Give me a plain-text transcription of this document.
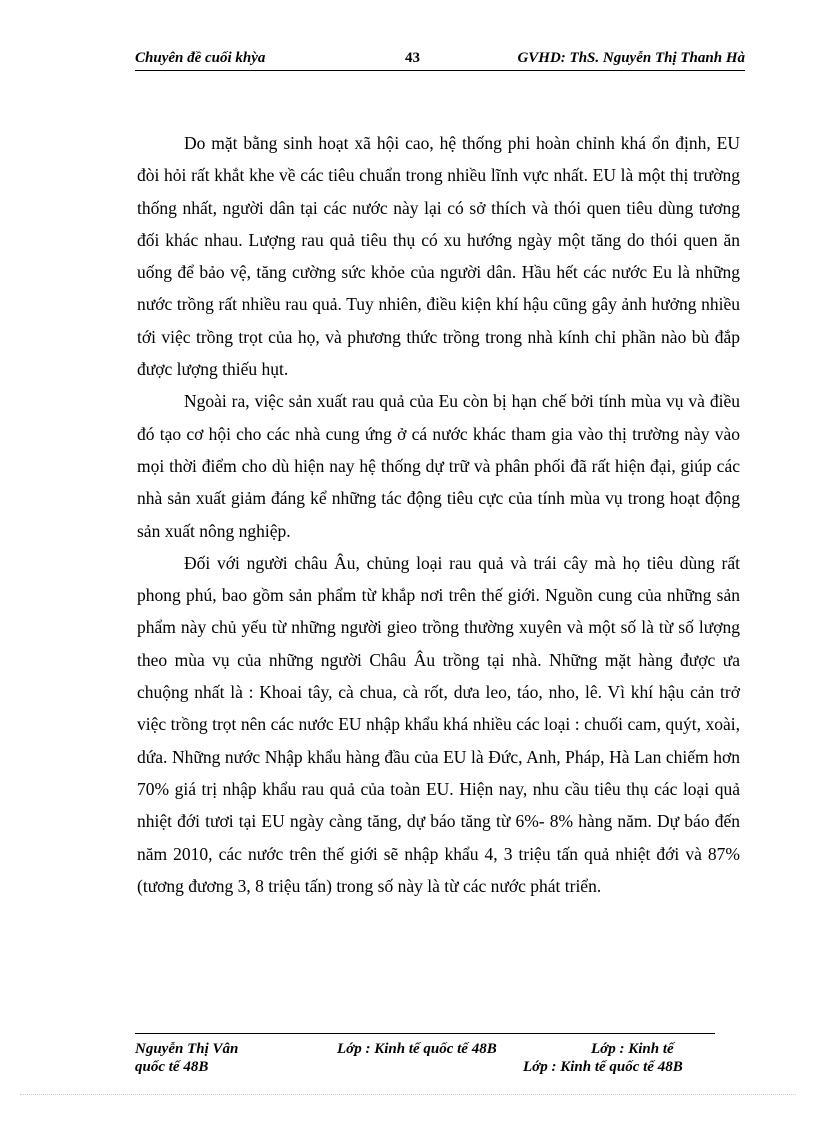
Chuyên đề cuối khỳa	43	GVHD: ThS. Nguyễn Thị Thanh Hà

Do mặt bằng sinh hoạt xã hội cao, hệ thống phi hoàn chỉnh khá ổn định, EU đòi hỏi rất khắt khe về các tiêu chuẩn trong nhiều lĩnh vực nhất. EU là một thị trường thống nhất, người dân tại các nước này lại có sở thích và thói quen tiêu dùng tương đối khác nhau. Lượng rau quả tiêu thụ có xu hướng ngày một tăng do thói quen ăn uống để bảo vệ, tăng cường sức khỏe của người dân. Hầu hết các nước Eu là những nước trồng rất nhiều rau quả. Tuy nhiên, điều kiện khí hậu cũng gây ảnh hưởng nhiều tới việc trồng trọt của họ, và phương thức trồng trong nhà kính chỉ phần nào bù đắp được lượng thiếu hụt.

Ngoài ra, việc sản xuất rau quả của Eu còn bị hạn chế bởi tính mùa vụ và điều đó tạo cơ hội cho các nhà cung ứng ở cá nước khác tham gia vào thị trường này vào mọi thời điểm cho dù hiện nay hệ thống dự trữ và phân phối đã rất hiện đại, giúp các nhà sản xuất giảm đáng kể những tác động tiêu cực của tính mùa vụ trong hoạt động sản xuất nông nghiệp.

Đối với người châu Âu, chủng loại rau quả và trái cây mà họ tiêu dùng rất phong phú, bao gồm sản phẩm từ khắp nơi trên thế giới. Nguồn cung của những sản phẩm này chủ yếu từ những người gieo trồng thường xuyên và một số là từ số lượng theo mùa vụ của những người Châu Âu trồng tại nhà. Những mặt hàng được ưa chuộng nhất là : Khoai tây, cà chua, cà rốt, dưa leo, táo, nho, lê. Vì khí hậu cản trở việc trồng trọt nên các nước EU nhập khẩu khá nhiều các loại : chuối cam, quýt, xoài, dứa. Những nước Nhập khẩu hàng đầu của EU là Đức, Anh, Pháp, Hà Lan chiếm hơn 70% giá trị nhập khẩu rau quả của toàn EU. Hiện nay, nhu cầu tiêu thụ các loại quả nhiệt đới tươi tại EU ngày càng tăng, dự báo tăng từ 6%- 8% hàng năm. Dự báo đến năm 2010, các nước trên thế giới sẽ nhập khẩu 4, 3 triệu tấn quả nhiệt đới và 87% (tương đương 3, 8 triệu tấn) trong số này là từ các nước phát triển.

Nguyễn Thị Vân	Lớp : Kinh tế quốc tế 48B	Lớp : Kinh tế
quốc tế 48B	Lớp : Kinh tế quốc tế 48B
